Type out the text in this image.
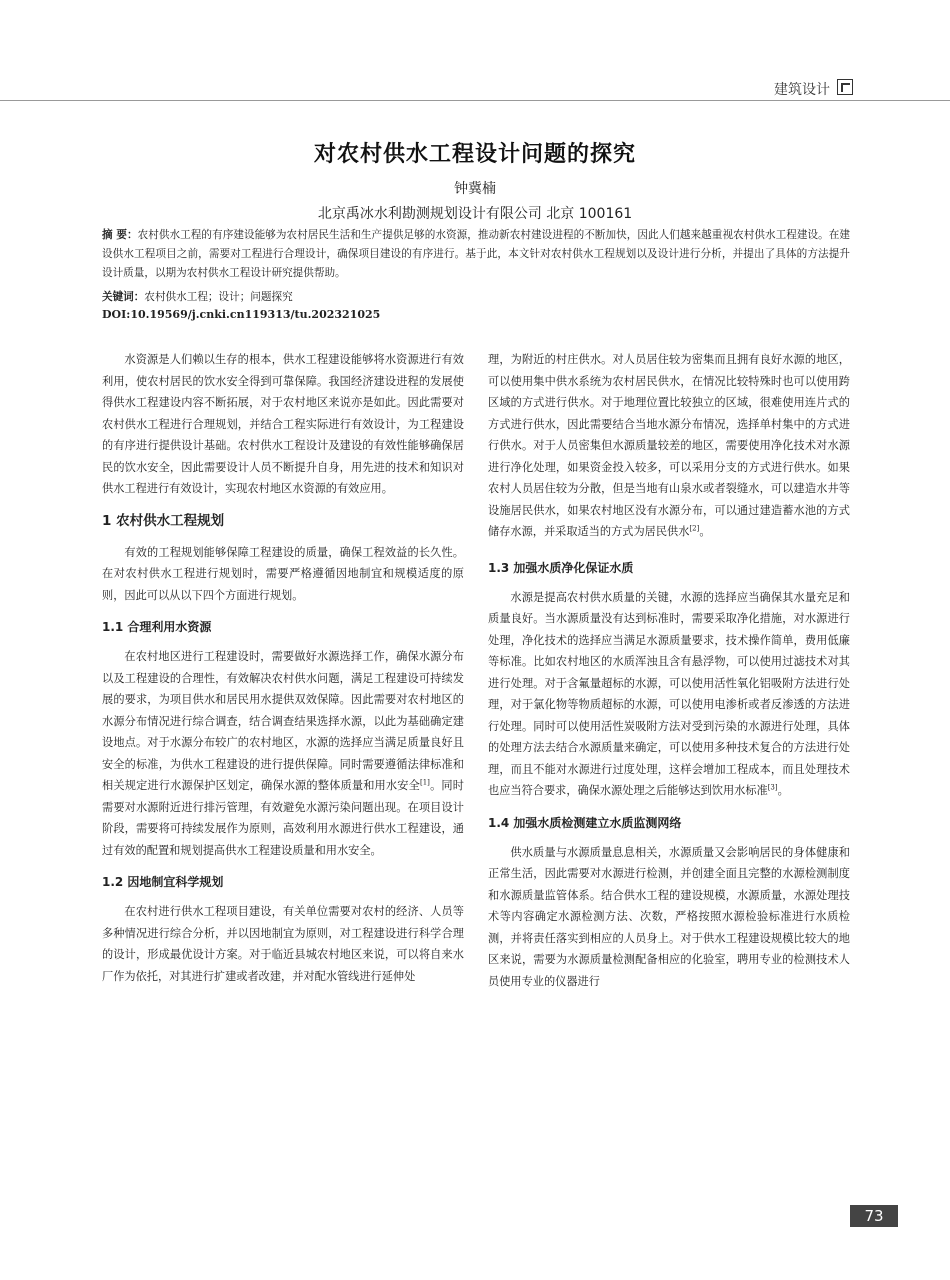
建筑设计
对农村供水工程设计问题的探究
钟冀楠
北京禹冰水利勘测规划设计有限公司 北京 100161
摘 要：农村供水工程的有序建设能够为农村居民生活和生产提供足够的水资源，推动新农村建设进程的不断加快，因此人们越来越重视农村供水工程建设。在建设供水工程项目之前，需要对工程进行合理设计，确保项目建设的有序进行。基于此，本文针对农村供水工程规划以及设计进行分析，并提出了具体的方法提升设计质量，以期为农村供水工程设计研究提供帮助。
关键词：农村供水工程；设计；问题探究
DOI:10.19569/j.cnki.cn119313/tu.202321025

水资源是人们赖以生存的根本，供水工程建设能够将水资源进行有效利用，使农村居民的饮水安全得到可靠保障。我国经济建设进程的发展使得供水工程建设内容不断拓展，对于农村地区来说亦是如此。因此需要对农村供水工程进行合理规划，并结合工程实际进行有效设计，为工程建设的有序进行提供设计基础。农村供水工程设计及建设的有效性能够确保居民的饮水安全，因此需要设计人员不断提升自身，用先进的技术和知识对供水工程进行有效设计，实现农村地区水资源的有效应用。

1 农村供水工程规划

有效的工程规划能够保障工程建设的质量，确保工程效益的长久性。在对农村供水工程进行规划时，需要严格遵循因地制宜和规模适度的原则，因此可以从以下四个方面进行规划。

1.1 合理利用水资源

在农村地区进行工程建设时，需要做好水源选择工作，确保水源分布以及工程建设的合理性，有效解决农村供水问题，满足工程建设可持续发展的要求，为项目供水和居民用水提供双效保障。因此需要对农村地区的水源分布情况进行综合调查，结合调查结果选择水源，以此为基础确定建设地点。对于水源分布较广的农村地区，水源的选择应当满足质量良好且安全的标准，为供水工程建设的进行提供保障。同时需要遵循法律标准和相关规定进行水源保护区划定，确保水源的整体质量和用水安全[1]。同时需要对水源附近进行排污管理，有效避免水源污染问题出现。在项目设计阶段，需要将可持续发展作为原则，高效利用水源进行供水工程建设，通过有效的配置和规划提高供水工程建设质量和用水安全。

1.2 因地制宜科学规划

在农村进行供水工程项目建设，有关单位需要对农村的经济、人员等多种情况进行综合分析，并以因地制宜为原则，对工程建设进行科学合理的设计，形成最优设计方案。对于临近县城农村地区来说，可以将自来水厂作为依托，对其进行扩建或者改建，并对配水管线进行延伸处

理，为附近的村庄供水。对人员居住较为密集而且拥有良好水源的地区，可以使用集中供水系统为农村居民供水，在情况比较特殊时也可以使用跨区域的方式进行供水。对于地理位置比较独立的区域，很难使用连片式的方式进行供水，因此需要结合当地水源分布情况，选择单村集中的方式进行供水。对于人员密集但水源质量较差的地区，需要使用净化技术对水源进行净化处理，如果资金投入较多，可以采用分支的方式进行供水。如果农村人员居住较为分散，但是当地有山泉水或者裂缝水，可以建造水井等设施居民供水，如果农村地区没有水源分布，可以通过建造蓄水池的方式储存水源，并采取适当的方式为居民供水[2]。

1.3 加强水质净化保证水质

水源是提高农村供水质量的关键，水源的选择应当确保其水量充足和质量良好。当水源质量没有达到标准时，需要采取净化措施，对水源进行处理，净化技术的选择应当满足水源质量要求，技术操作简单，费用低廉等标准。比如农村地区的水质浑浊且含有悬浮物，可以使用过滤技术对其进行处理。对于含氟量超标的水源，可以使用活性氧化铝吸附方法进行处理，对于氯化物等物质超标的水源，可以使用电渗析或者反渗透的方法进行处理。同时可以使用活性炭吸附方法对受到污染的水源进行处理，具体的处理方法去结合水源质量来确定，可以使用多种技术复合的方法进行处理，而且不能对水源进行过度处理，这样会增加工程成本，而且处理技术也应当符合要求，确保水源处理之后能够达到饮用水标准[3]。

1.4 加强水质检测建立水质监测网络

供水质量与水源质量息息相关，水源质量又会影响居民的身体健康和正常生活，因此需要对水源进行检测，并创建全面且完整的水源检测制度和水源质量监管体系。结合供水工程的建设规模，水源质量，水源处理技术等内容确定水源检测方法、次数，严格按照水源检验标准进行水质检测，并将责任落实到相应的人员身上。对于供水工程建设规模比较大的地区来说，需要为水源质量检测配备相应的化验室，聘用专业的检测技术人员使用专业的仪器进行

73
